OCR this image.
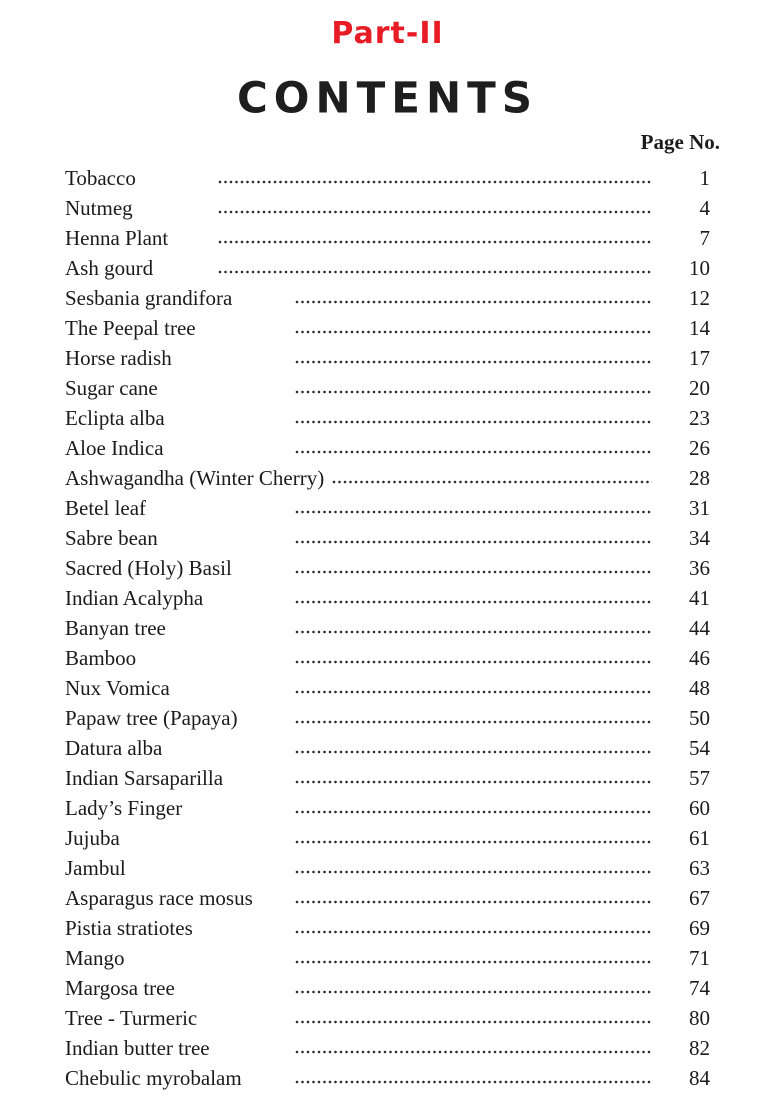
Part-II
CONTENTS
Page No.
Tobacco	1
Nutmeg	4
Henna Plant	7
Ash gourd	10
Sesbania grandifora	12
The Peepal tree	14
Horse radish	17
Sugar cane	20
Eclipta alba	23
Aloe Indica	26
Ashwagandha (Winter Cherry)	28
Betel leaf	31
Sabre bean	34
Sacred (Holy) Basil	36
Indian Acalypha	41
Banyan tree	44
Bamboo	46
Nux Vomica	48
Papaw tree (Papaya)	50
Datura alba	54
Indian Sarsaparilla	57
Lady’s Finger	60
Jujuba	61
Jambul	63
Asparagus race mosus	67
Pistia stratiotes	69
Mango	71
Margosa tree	74
Tree - Turmeric	80
Indian butter tree	82
Chebulic myrobalam	84
